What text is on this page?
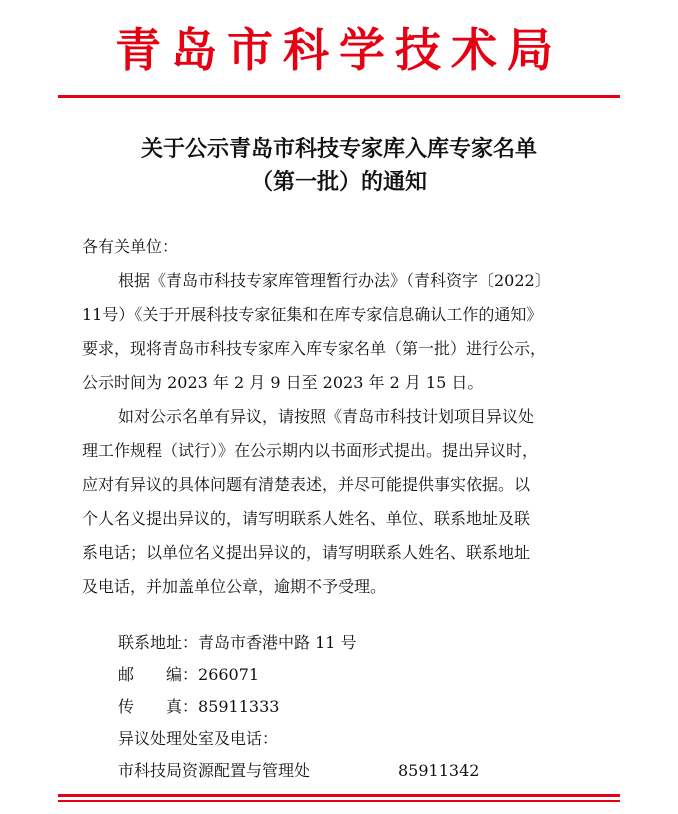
青岛市科学技术局
关于公示青岛市科技专家库入库专家名单
（第一批）的通知
各有关单位：
根据《青岛市科技专家库管理暂行办法》（青科资字〔2022〕
11号）《关于开展科技专家征集和在库专家信息确认工作的通知》
要求，现将青岛市科技专家库入库专家名单（第一批）进行公示，
公示时间为 2023 年 2 月 9 日至 2023 年 2 月 15 日。
如对公示名单有异议，请按照《青岛市科技计划项目异议处
理工作规程（试行）》在公示期内以书面形式提出。提出异议时，
应对有异议的具体问题有清楚表述，并尽可能提供事实依据。以
个人名义提出异议的，请写明联系人姓名、单位、联系地址及联
系电话；以单位名义提出异议的，请写明联系人姓名、联系地址
及电话，并加盖单位公章，逾期不予受理。
联系地址：青岛市香港中路 11 号
邮　　编：266071
传　　真：85911333
异议处理处室及电话：
市科技局资源配置与管理处	85911342
